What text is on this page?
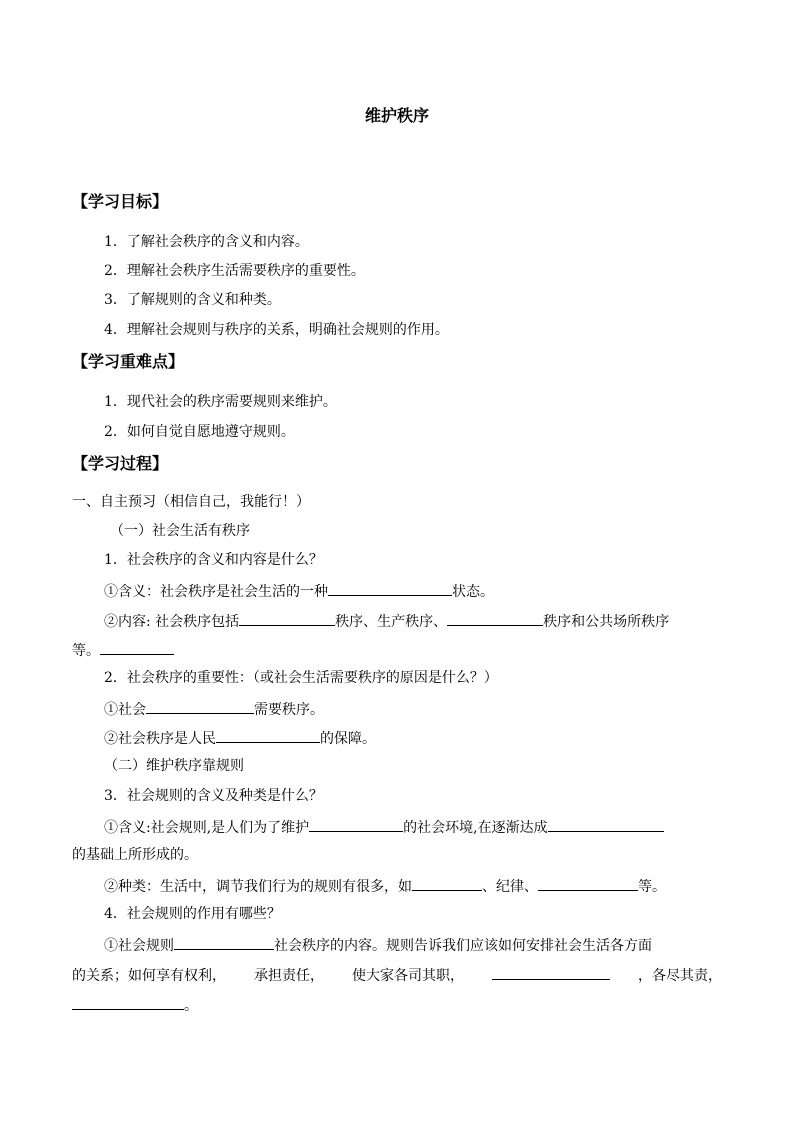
维护秩序
【学习目标】
1．了解社会秩序的含义和内容。
2．理解社会秩序生活需要秩序的重要性。
3．了解规则的含义和种类。
4．理解社会规则与秩序的关系，明确社会规则的作用。
【学习重难点】
1．现代社会的秩序需要规则来维护。
2．如何自觉自愿地遵守规则。
【学习过程】
一、自主预习（相信自己，我能行！）
（一）社会生活有秩序
1．社会秩序的含义和内容是什么？
①含义：社会秩序是社会生活的一种	状态。
②内容: 社会秩序包括	秩序、生产秩序、	秩序和公共场所秩序
等。
2．社会秩序的重要性：（或社会生活需要秩序的原因是什么？）
①社会	需要秩序。
②社会秩序是人民	的保障。
（二）维护秩序靠规则
3．社会规则的含义及种类是什么？
①含义:社会规则,是人们为了维护	的社会环境,在逐渐达成
的基础上所形成的。
②种类：生活中，调节我们行为的规则有很多，如	、纪律、	等。
4．社会规则的作用有哪些？
①社会规则	社会秩序的内容。规则告诉我们应该如何安排社会生活各方面
的关系；如何享有权利， 承担责任， 使大家各司其职，	，各尽其责，
。
